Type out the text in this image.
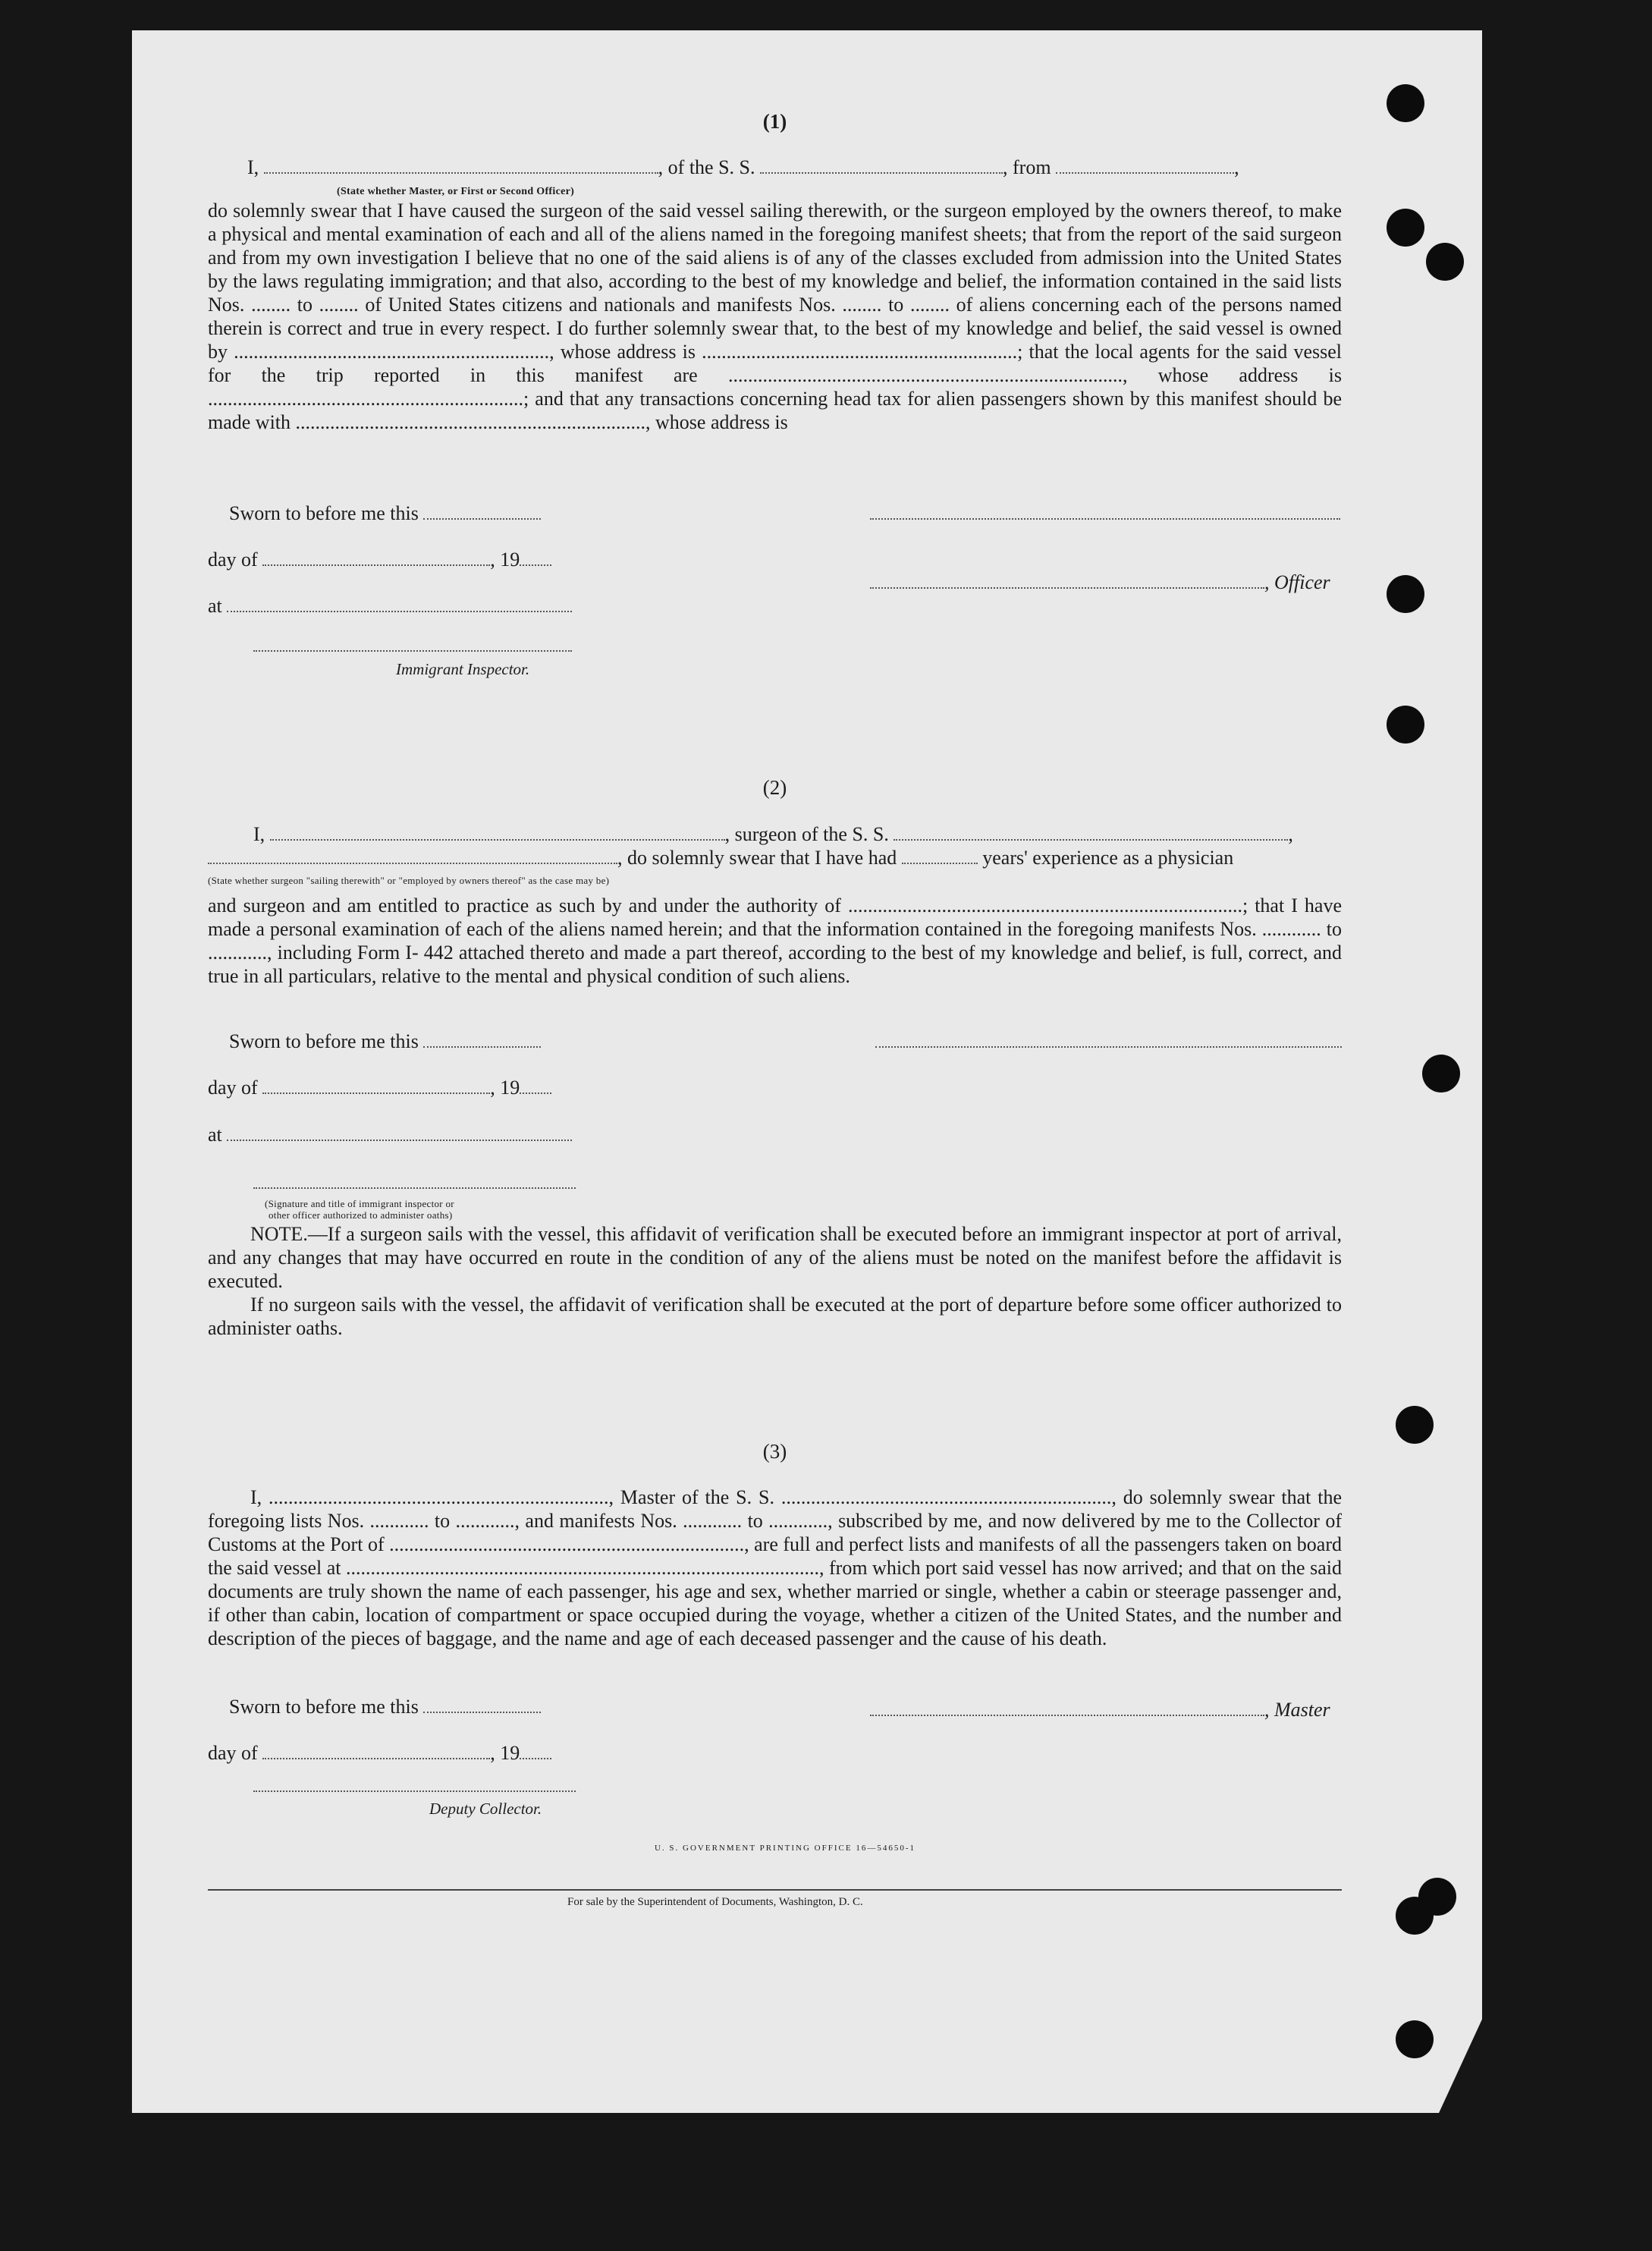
(1)
I,	, of the S. S.	, from	,
(State whether Master, or First or Second Officer)

do solemnly swear that I have caused the surgeon of the said vessel sailing therewith, or the surgeon employed by the owners thereof, to make a physical and mental examination of each and all of the aliens named in the foregoing manifest sheets; that from the report of the said surgeon and from my own investigation I believe that no one of the said aliens is of any of the classes excluded from admission into the United States by the laws regulating immigration; and that also, according to the best of my knowledge and belief, the information contained in the said lists Nos. ........ to ........ of United States citizens and nationals and manifests Nos. ........ to ........ of aliens concerning each of the persons named therein is correct and true in every respect. I do further solemnly swear that, to the best of my knowledge and belief, the said vessel is owned by ................................................................, whose address is ................................................................; that the local agents for the said vessel for the trip reported in this manifest are ................................................................................, whose address is ................................................................; and that any transactions concerning head tax for alien passengers shown by this manifest should be made with ......................................................................., whose address is

Sworn to before me this
day of	, 19
, Officer
at
Immigrant Inspector.
(2)
I,	, surgeon of the S. S.	,
, do solemnly swear that I have had	years' experience as a physician
(State whether surgeon "sailing therewith" or "employed by owners thereof" as the case may be)

and surgeon and am entitled to practice as such by and under the authority of ................................................................................; that I have made a personal examination of each of the aliens named herein; and that the information contained in the foregoing manifests Nos. ............ to ............, including Form I- 442 attached thereto and made a part thereof, according to the best of my knowledge and belief, is full, correct, and true in all particulars, relative to the mental and physical condition of such aliens.

Sworn to before me this
day of	, 19
at
(Signature and title of immigrant inspector or
other officer authorized to administer oaths)

NOTE.—If a surgeon sails with the vessel, this affidavit of verification shall be executed before an immigrant inspector at port of arrival, and any changes that may have occurred en route in the condition of any of the aliens must be noted on the manifest before the affidavit is executed.

If no surgeon sails with the vessel, the affidavit of verification shall be executed at the port of departure before some officer authorized to administer oaths.

(3)

I, ....................................................................., Master of the S. S. ..................................................................., do solemnly swear that the foregoing lists Nos. ............ to ............, and manifests Nos. ............ to ............, subscribed by me, and now delivered by me to the Collector of Customs at the Port of ........................................................................, are full and perfect lists and manifests of all the passengers taken on board the said vessel at ................................................................................................, from which port said vessel has now arrived; and that on the said documents are truly shown the name of each passenger, his age and sex, whether married or single, whether a cabin or steerage passenger and, if other than cabin, location of compartment or space occupied during the voyage, whether a citizen of the United States, and the number and description of the pieces of baggage, and the name and age of each deceased passenger and the cause of his death.

Sworn to before me this	, Master
day of	, 19
Deputy Collector.
U. S. GOVERNMENT PRINTING OFFICE 16—54650-1
For sale by the Superintendent of Documents, Washington, D. C.
